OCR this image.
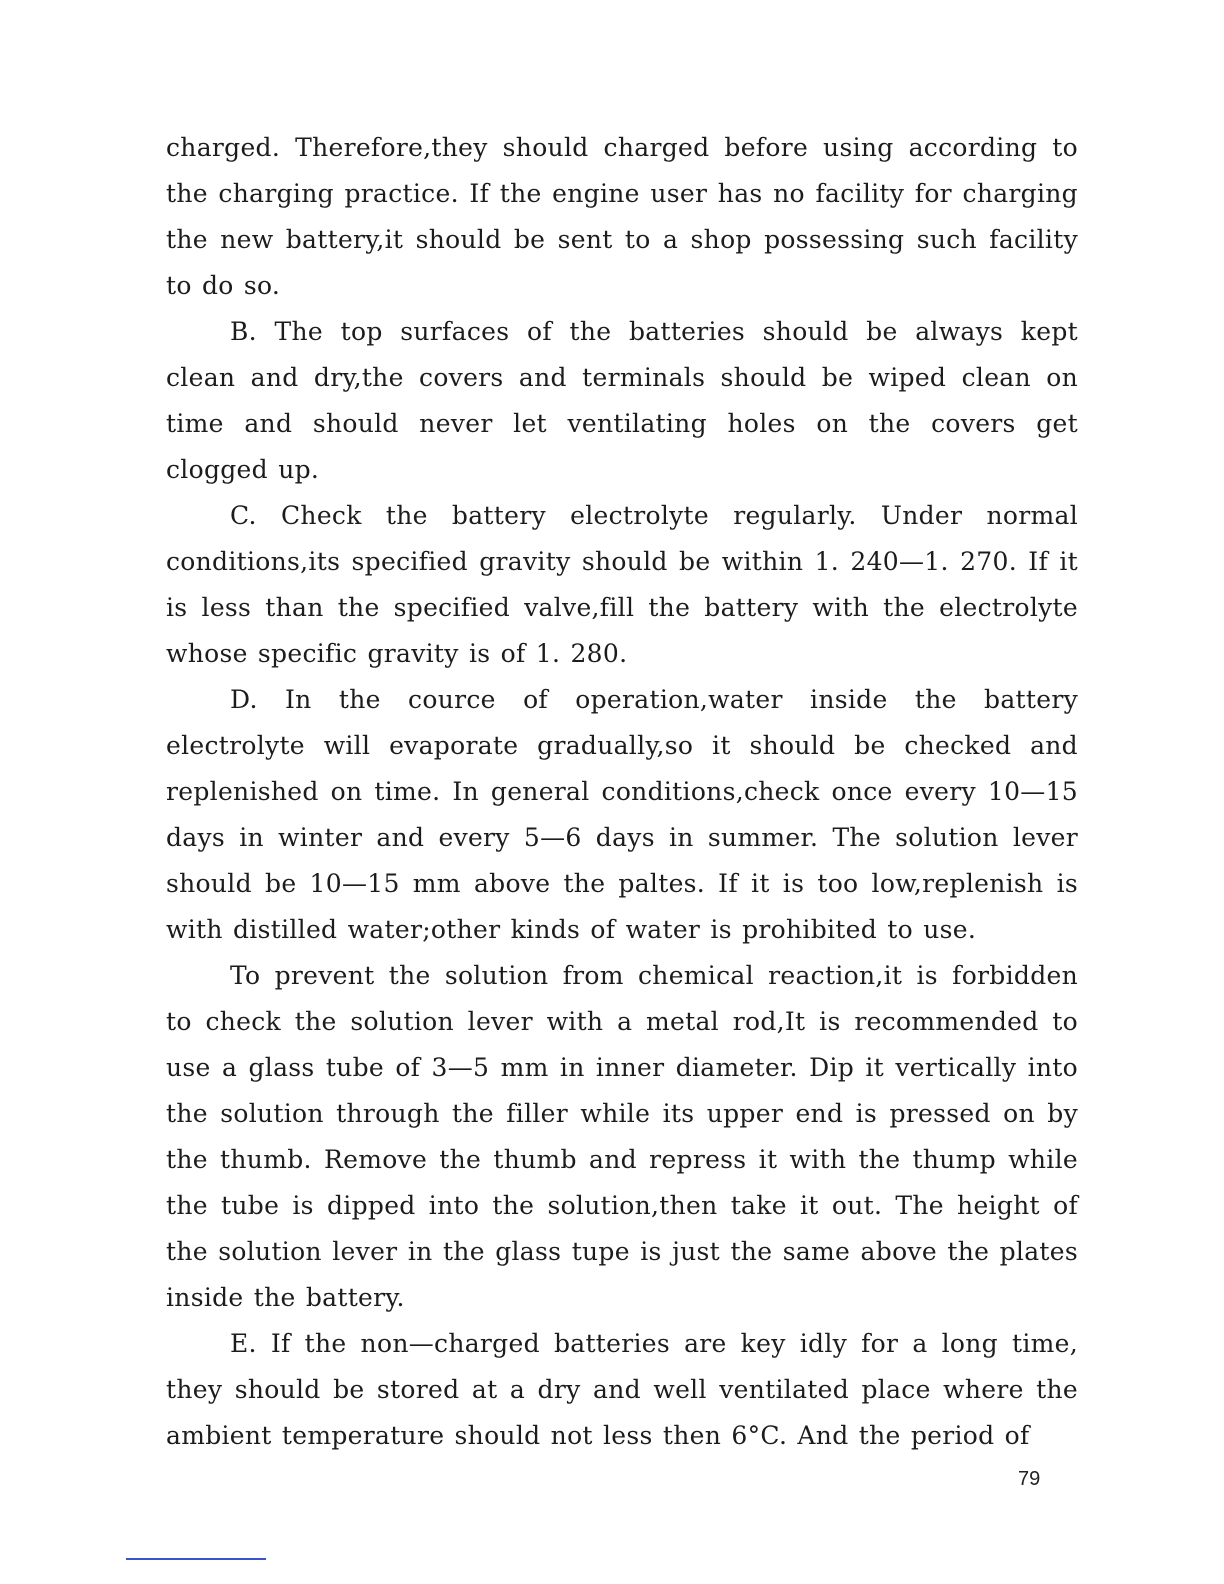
charged. Therefore,they should charged before using according to the charging practice. If the engine user has no facility for charging the new battery,it should be sent to a shop possessing such facility to do so.

B. The top surfaces of the batteries should be always kept clean and dry,the covers and terminals should be wiped clean on time and should never let ventilating holes on the covers get clogged up.

C. Check the battery electrolyte regularly. Under normal conditions,its specified gravity should be within 1. 240—1. 270. If it is less than the specified valve,fill the battery with the electrolyte whose specific gravity is of 1. 280.

D. In the cource of operation,water inside the battery electrolyte will evaporate gradually,so it should be checked and replenished on time. In general conditions,check once every 10—15 days in winter and every 5—6 days in summer. The solution lever should be 10—15 mm above the paltes. If it is too low,replenish is with distilled water;other kinds of water is prohibited to use.

To prevent the solution from chemical reaction,it is forbidden to check the solution lever with a metal rod,It is recommended to use a glass tube of 3—5 mm in inner diameter. Dip it vertically into the solution through the filler while its upper end is pressed on by the thumb. Remove the thumb and repress it with the thump while the tube is dipped into the solution,then take it out. The height of the solution lever in the glass tupe is just the same above the plates inside the battery.

E. If the non—charged batteries are key idly for a long time, they should be stored at a dry and well ventilated place where the ambient temperature should not less then 6°C. And the period of

79
